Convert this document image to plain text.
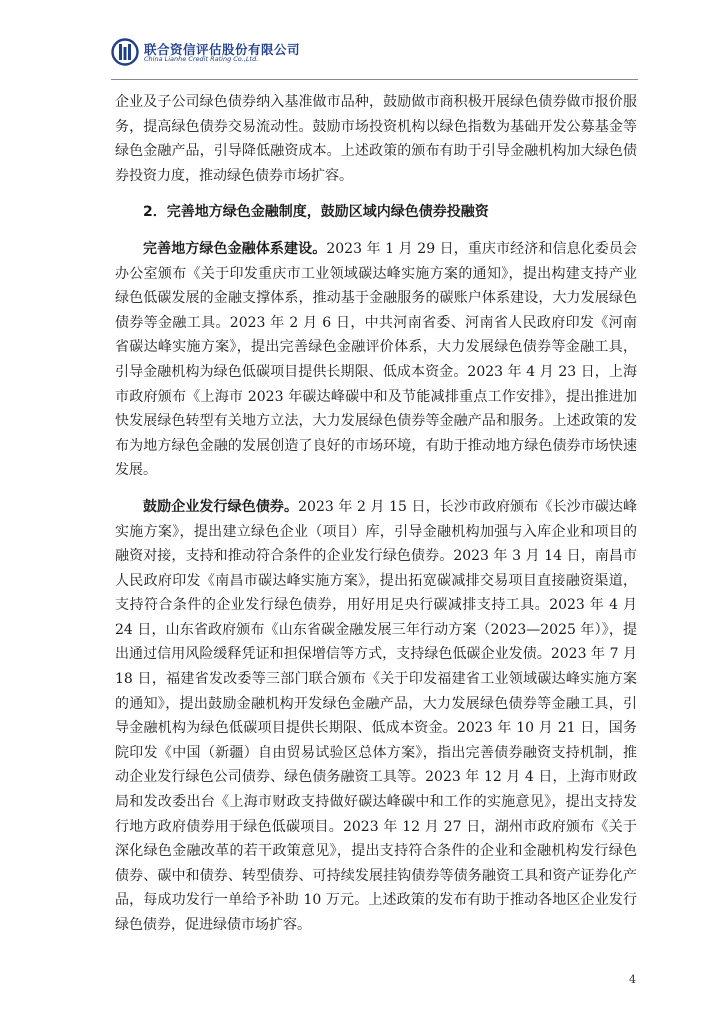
联合资信评估股份有限公司
China Lianhe Credit Rating Co.,Ltd.

企业及子公司绿色债券纳入基准做市品种，鼓励做市商积极开展绿色债券做市报价服务，提高绿色债券交易流动性。鼓励市场投资机构以绿色指数为基础开发公募基金等绿色金融产品，引导降低融资成本。上述政策的颁布有助于引导金融机构加大绿色债券投资力度，推动绿色债券市场扩容。

2．完善地方绿色金融制度，鼓励区域内绿色债券投融资

完善地方绿色金融体系建设。2023 年 1 月 29 日，重庆市经济和信息化委员会办公室颁布《关于印发重庆市工业领域碳达峰实施方案的通知》，提出构建支持产业绿色低碳发展的金融支撑体系，推动基于金融服务的碳账户体系建设，大力发展绿色债券等金融工具。2023 年 2 月 6 日，中共河南省委、河南省人民政府印发《河南省碳达峰实施方案》，提出完善绿色金融评价体系，大力发展绿色债券等金融工具，引导金融机构为绿色低碳项目提供长期限、低成本资金。2023 年 4 月 23 日，上海市政府颁布《上海市 2023 年碳达峰碳中和及节能减排重点工作安排》，提出推进加快发展绿色转型有关地方立法，大力发展绿色债券等金融产品和服务。上述政策的发布为地方绿色金融的发展创造了良好的市场环境，有助于推动地方绿色债券市场快速发展。

鼓励企业发行绿色债券。2023 年 2 月 15 日，长沙市政府颁布《长沙市碳达峰实施方案》，提出建立绿色企业（项目）库，引导金融机构加强与入库企业和项目的融资对接，支持和推动符合条件的企业发行绿色债券。2023 年 3 月 14 日，南昌市人民政府印发《南昌市碳达峰实施方案》，提出拓宽碳减排交易项目直接融资渠道，支持符合条件的企业发行绿色债券，用好用足央行碳减排支持工具。2023 年 4 月 24 日，山东省政府颁布《山东省碳金融发展三年行动方案（2023—2025 年）》，提出通过信用风险缓释凭证和担保增信等方式，支持绿色低碳企业发债。2023 年 7 月 18 日，福建省发改委等三部门联合颁布《关于印发福建省工业领域碳达峰实施方案的通知》，提出鼓励金融机构开发绿色金融产品，大力发展绿色债券等金融工具，引导金融机构为绿色低碳项目提供长期限、低成本资金。2023 年 10 月 21 日，国务院印发《中国（新疆）自由贸易试验区总体方案》，指出完善债券融资支持机制，推动企业发行绿色公司债券、绿色债务融资工具等。2023 年 12 月 4 日，上海市财政局和发改委出台《上海市财政支持做好碳达峰碳中和工作的实施意见》，提出支持发行地方政府债券用于绿色低碳项目。2023 年 12 月 27 日，湖州市政府颁布《关于深化绿色金融改革的若干政策意见》，提出支持符合条件的企业和金融机构发行绿色债券、碳中和债券、转型债券、可持续发展挂钩债券等债务融资工具和资产证券化产品，每成功发行一单给予补助 10 万元。上述政策的发布有助于推动各地区企业发行绿色债券，促进绿债市场扩容。

4
